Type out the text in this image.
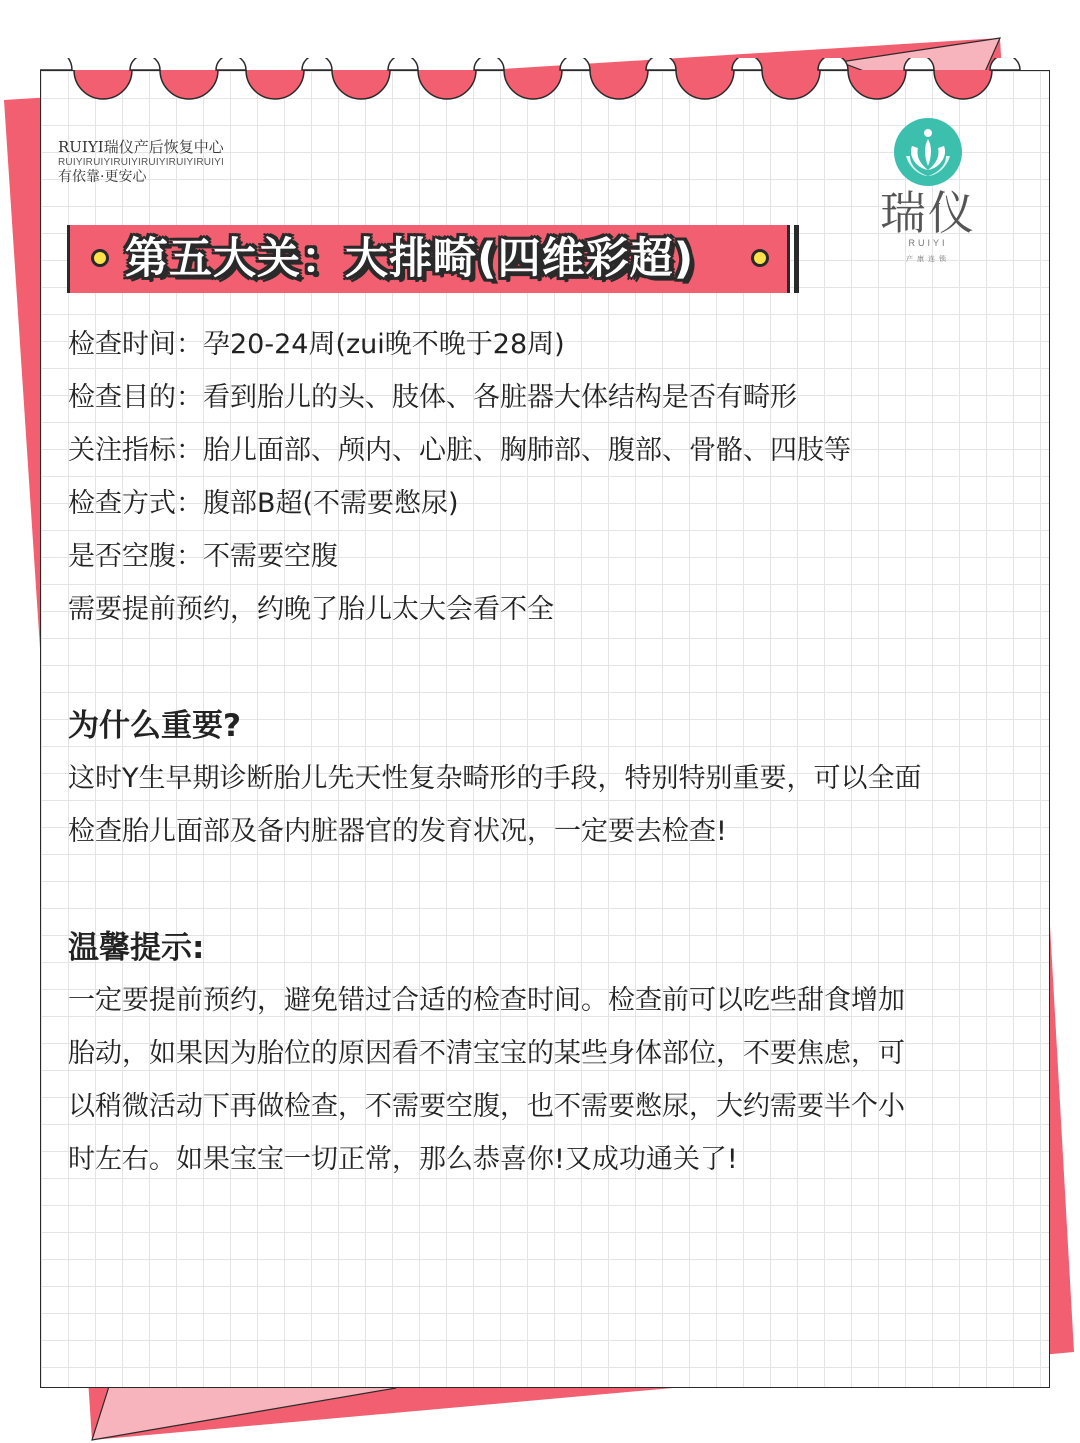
RUIYI瑞仪产后恢复中心
RUIYIRUIYIRUIYIRUIYIRUIYIRUIYI
有依靠·更安心
瑞仪
RUIYI
产康连锁
第五大关：大排畸(四维彩超)
检查时间：孕20-24周(zui晚不晚于28周)
检查目的：看到胎儿的头、肢体、各脏器大体结构是否有畸形
关注指标：胎儿面部、颅内、心脏、胸肺部、腹部、骨骼、四肢等
检查方式：腹部B超(不需要憋尿)
是否空腹：不需要空腹
需要提前预约，约晚了胎儿太大会看不全
为什么重要?
这时Y生早期诊断胎儿先天性复杂畸形的手段，特别特别重要，可以全面
检查胎儿面部及备内脏器官的发育状况，一定要去检查!
温馨提示:
一定要提前预约，避免错过合适的检查时间。检查前可以吃些甜食增加
胎动，如果因为胎位的原因看不清宝宝的某些身体部位，不要焦虑，可
以稍微活动下再做检查，不需要空腹，也不需要憋尿，大约需要半个小
时左右。如果宝宝一切正常，那么恭喜你!又成功通关了!
